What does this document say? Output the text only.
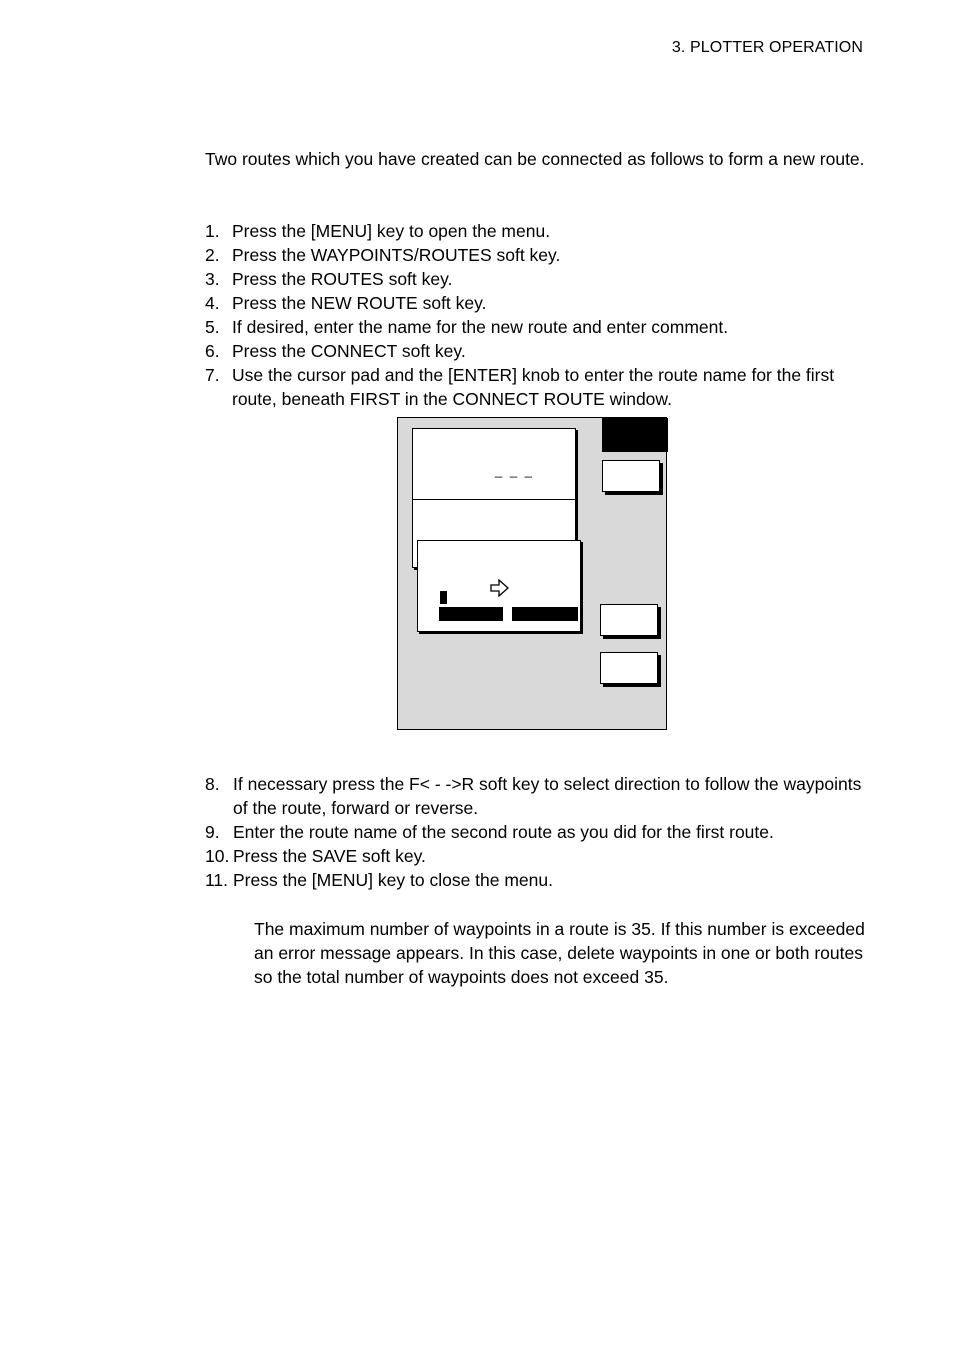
3. PLOTTER OPERATION
Two routes which you have created can be connected as follows to form a new route.
1. Press the [MENU] key to open the menu.
2. Press the WAYPOINTS/ROUTES soft key.
3. Press the ROUTES soft key.
4. Press the NEW ROUTE soft key.
5. If desired, enter the name for the new route and enter comment.
6. Press the CONNECT soft key.
7. Use the cursor pad and the [ENTER] knob to enter the route name for the first route, beneath FIRST in the CONNECT ROUTE window.
_ _ _
8. If necessary press the F< - ->R soft key to select direction to follow the waypoints of the route, forward or reverse.
9. Enter the route name of the second route as you did for the first route.
10. Press the SAVE soft key.
11. Press the [MENU] key to close the menu.
The maximum number of waypoints in a route is 35. If this number is exceeded an error message appears. In this case, delete waypoints in one or both routes so the total number of waypoints does not exceed 35.
